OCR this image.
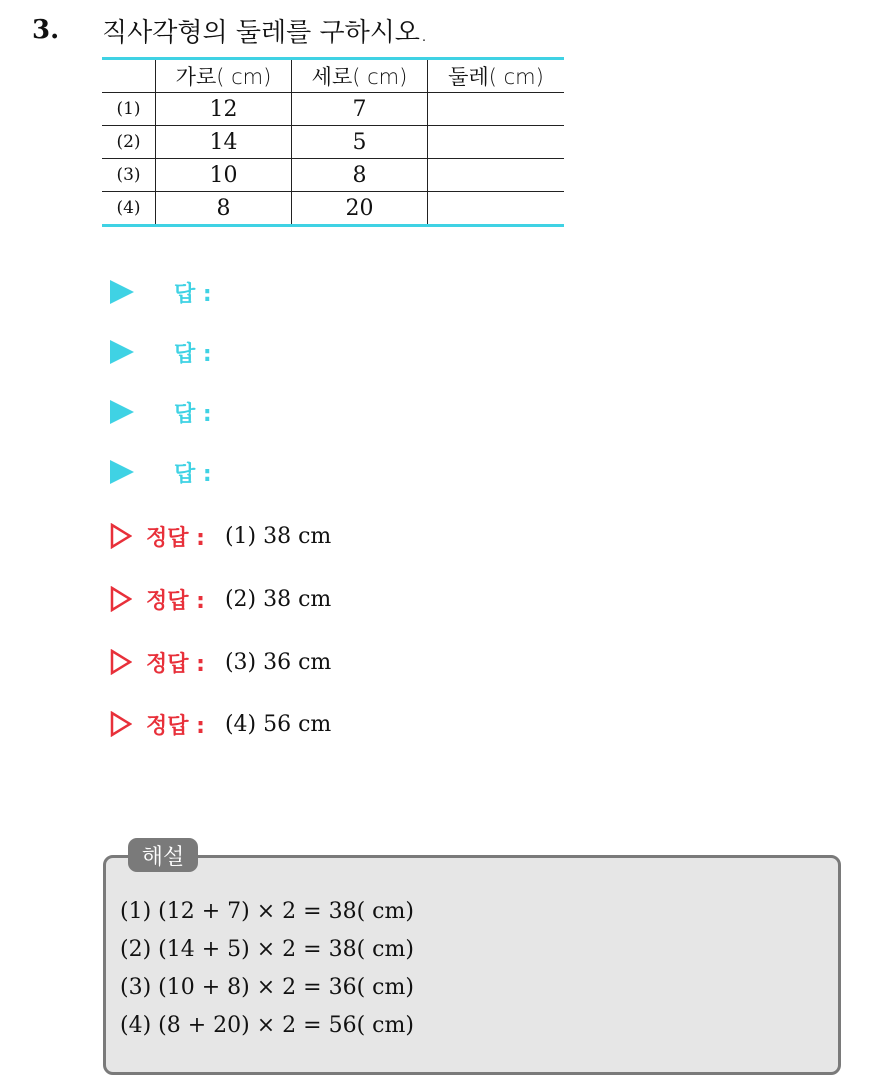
3.	직사각형의 둘레를 구하시오.
	가로( cm)	세로( cm)	둘레( cm)
(1)	12	7	
(2)	14	5	
(3)	10	8	
(4)	8	20	
답 :
답 :
답 :
답 :
정답 : (1) 38 cm
정답 : (2) 38 cm
정답 : (3) 36 cm
정답 : (4) 56 cm
해설
(1) (12 + 7) × 2 = 38( cm)
(2) (14 + 5) × 2 = 38( cm)
(3) (10 + 8) × 2 = 36( cm)
(4) (8 + 20) × 2 = 56( cm)
